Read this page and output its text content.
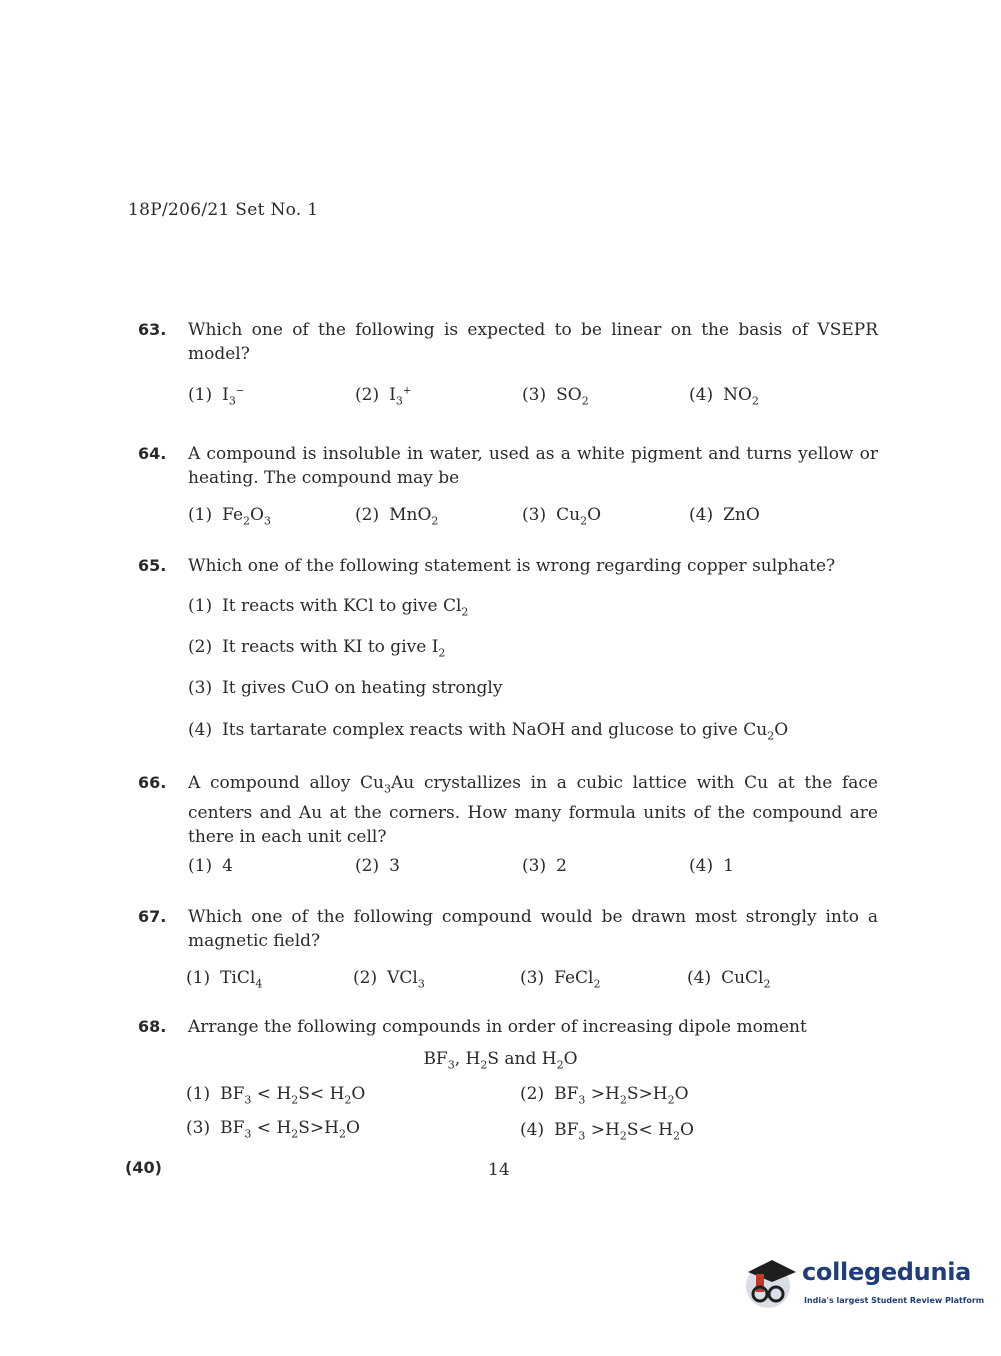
18P/206/21 Set No. 1
63. Which one of the following is expected to be linear on the basis of VSEPR model?
(1) $I_3^-$	(2) $I_3^+$	(3) $SO_2$	(4) $NO_2$
64. A compound is insoluble in water, used as a white pigment and turns yellow or heating. The compound may be
(1) $Fe_2O_3$	(2) MnO$_2$	(3) $Cu_2O$	(4) ZnO
65. Which one of the following statement is wrong regarding copper sulphate?
(1) It reacts with KCl to give $Cl_2$
(2) It reacts with KI to give $I_2$
(3) It gives CuO on heating strongly
(4) Its tartarate complex reacts with NaOH and glucose to give $Cu_2O$
66. A compound alloy $Cu_3Au$ crystallizes in a cubic lattice with Cu at the face centers and Au at the corners. How many formula units of the compound are there in each unit cell?
(1) 4	(2) 3	(3) 2	(4) 1
67. Which one of the following compound would be drawn most strongly into a magnetic field?
(1) TiCl$_4$	(2) VCl$_3$	(3) FeCl$_2$	(4) CuCl$_2$
68. Arrange the following compounds in order of increasing dipole moment
$BF_3$, $H_2S$ and $H_2O$
(1) $BF_3 < H_2S< H_2O$	(2) $BF_3 >H_2S>H_2O$
(3) $BF_3 < H_2S>H_2O$	(4) $BF_3 >H_2S< H_2O$
(40)	14
collegedunia
India's largest Student Review Platform
